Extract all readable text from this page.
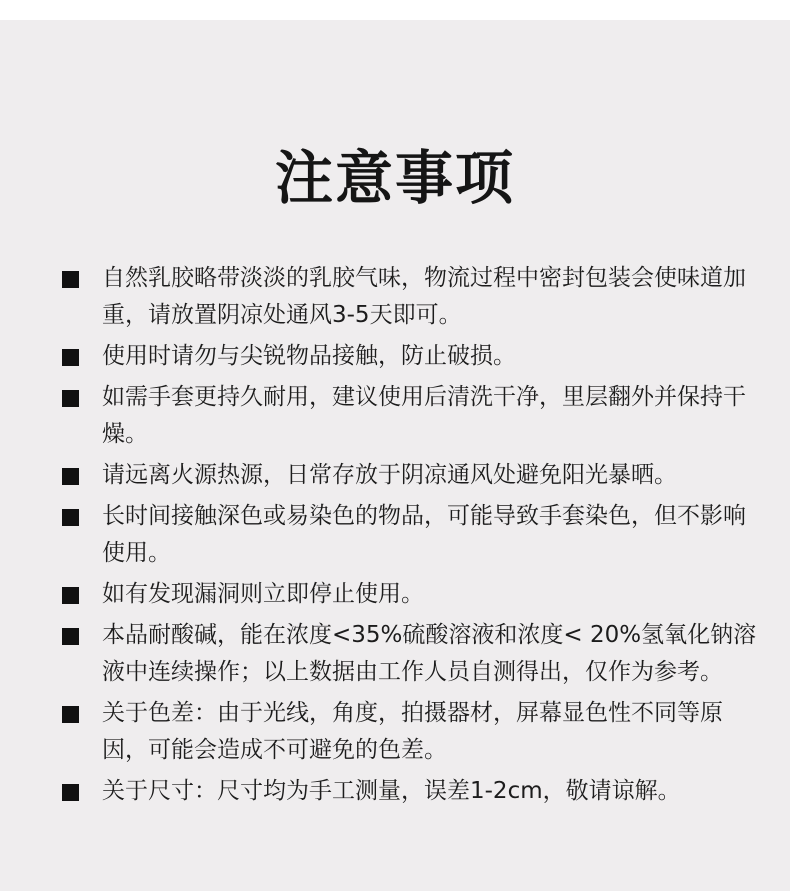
注意事项
自然乳胶略带淡淡的乳胶气味，物流过程中密封包装会使味道加重，请放置阴凉处通风3-5天即可。
使用时请勿与尖锐物品接触，防止破损。
如需手套更持久耐用，建议使用后清洗干净，里层翻外并保持干燥。
请远离火源热源，日常存放于阴凉通风处避免阳光暴晒。
长时间接触深色或易染色的物品，可能导致手套染色，但不影响使用。
如有发现漏洞则立即停止使用。
本品耐酸碱，能在浓度<35%硫酸溶液和浓度< 20%氢氧化钠溶液中连续操作；以上数据由工作人员自测得出，仅作为参考。
关于色差：由于光线，角度，拍摄器材，屏幕显色性不同等原因，可能会造成不可避免的色差。
关于尺寸：尺寸均为手工测量，误差1-2cm，敬请谅解。
